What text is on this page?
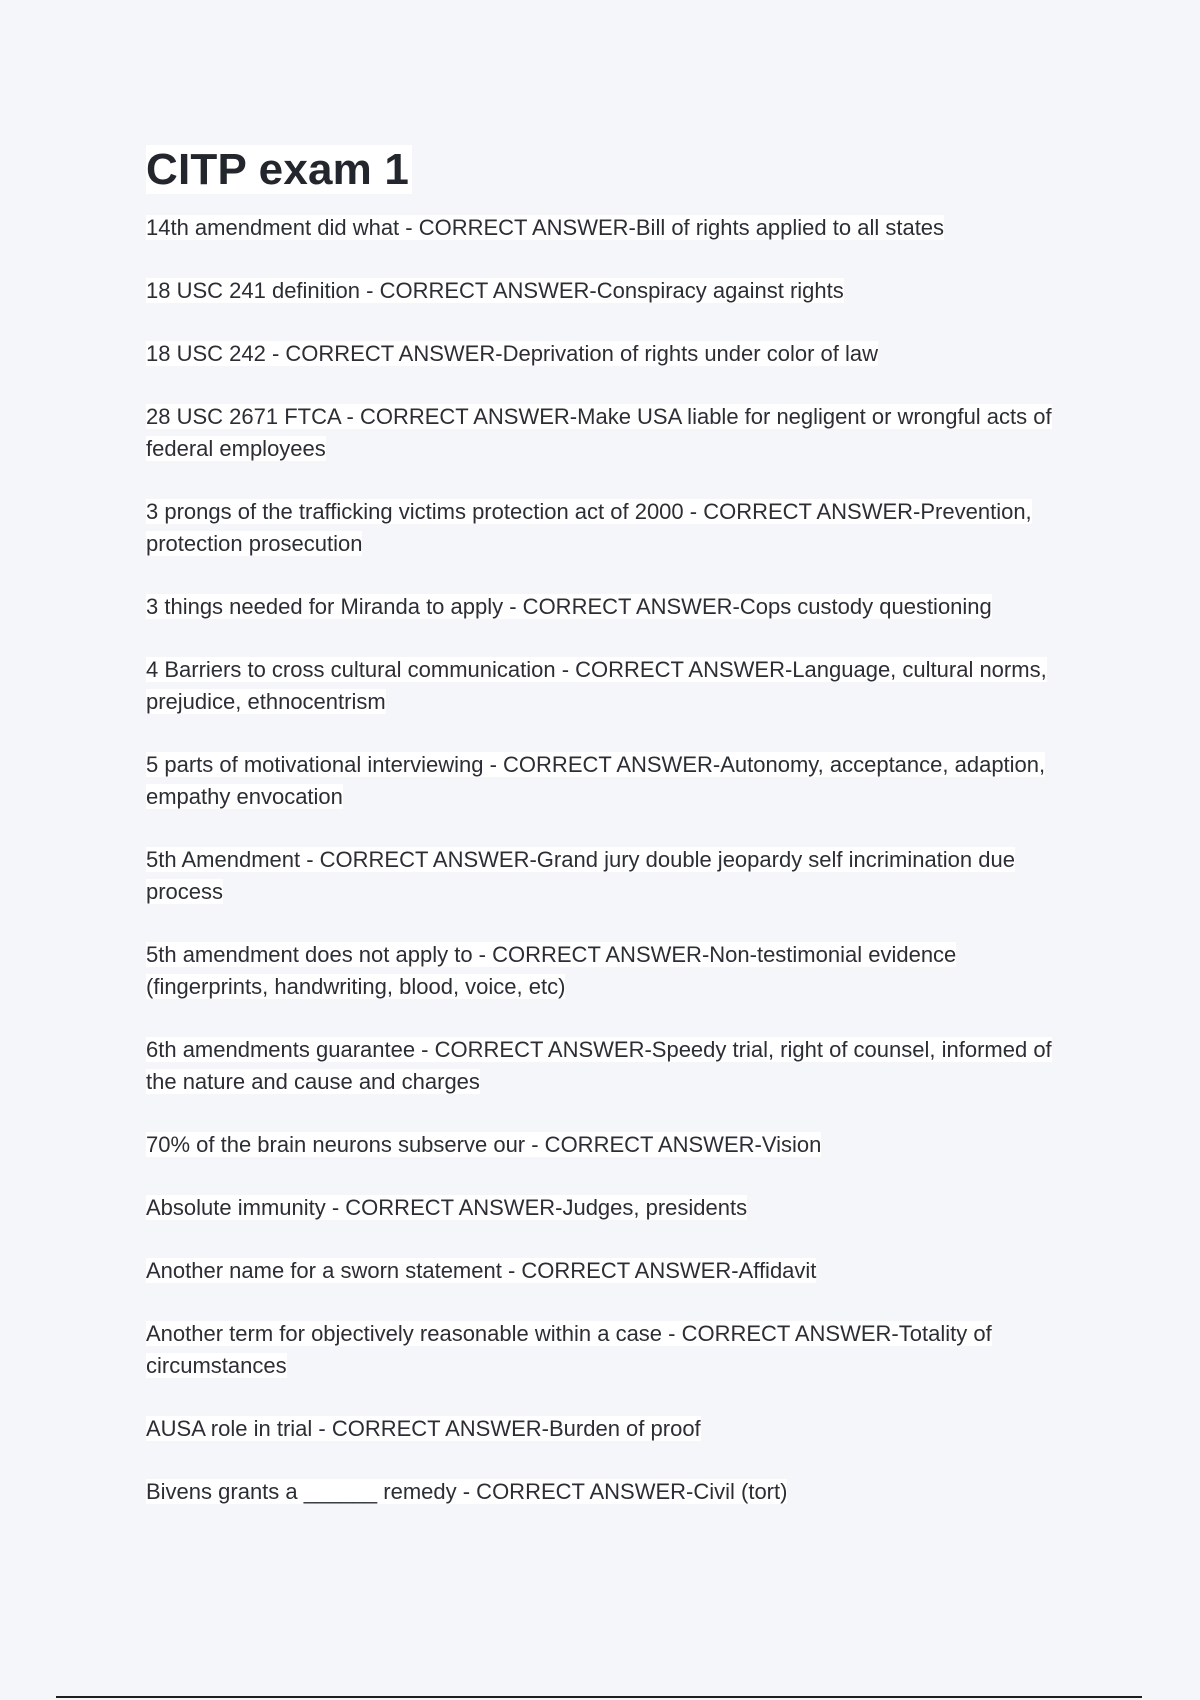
CITP exam 1
14th amendment did what - CORRECT ANSWER-Bill of rights applied to all states
18 USC 241 definition - CORRECT ANSWER-Conspiracy against rights
18 USC 242 - CORRECT ANSWER-Deprivation of rights under color of law
28 USC 2671 FTCA - CORRECT ANSWER-Make USA liable for negligent or wrongful acts of federal employees
3 prongs of the trafficking victims protection act of 2000 - CORRECT ANSWER-Prevention, protection prosecution
3 things needed for Miranda to apply - CORRECT ANSWER-Cops custody questioning
4 Barriers to cross cultural communication - CORRECT ANSWER-Language, cultural norms, prejudice, ethnocentrism
5 parts of motivational interviewing - CORRECT ANSWER-Autonomy, acceptance, adaption, empathy envocation
5th Amendment - CORRECT ANSWER-Grand jury double jeopardy self incrimination due process
5th amendment does not apply to - CORRECT ANSWER-Non-testimonial evidence (fingerprints, handwriting, blood, voice, etc)
6th amendments guarantee - CORRECT ANSWER-Speedy trial, right of counsel, informed of the nature and cause and charges
70% of the brain neurons subserve our - CORRECT ANSWER-Vision
Absolute immunity - CORRECT ANSWER-Judges, presidents
Another name for a sworn statement - CORRECT ANSWER-Affidavit
Another term for objectively reasonable within a case - CORRECT ANSWER-Totality of circumstances
AUSA role in trial - CORRECT ANSWER-Burden of proof
Bivens grants a ______ remedy - CORRECT ANSWER-Civil (tort)
